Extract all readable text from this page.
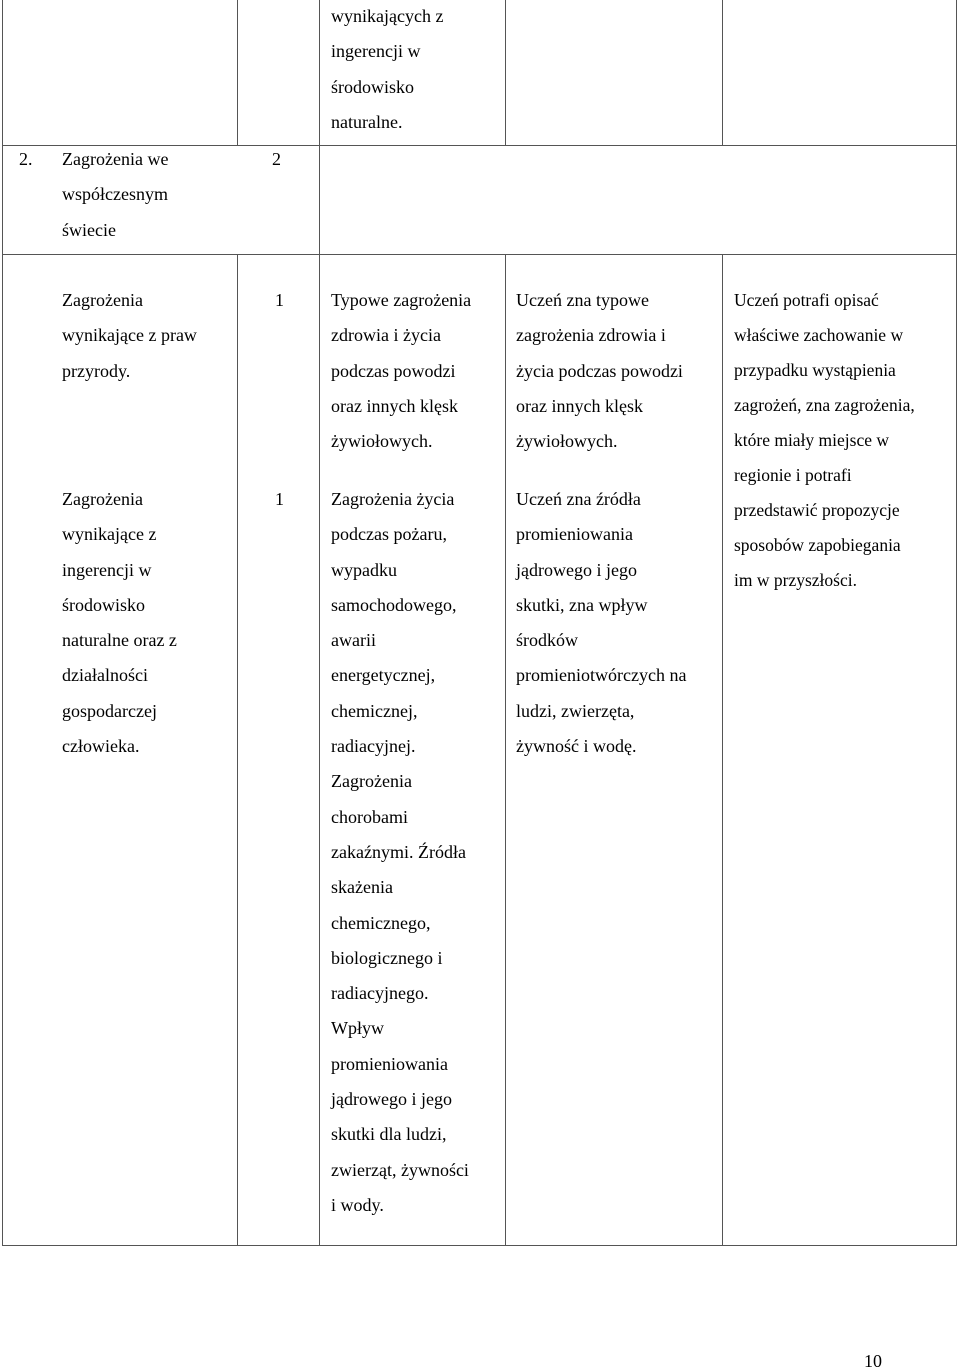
wynikających z
ingerencji w
środowisko
naturalne.
2. Zagrożenia we
współczesnym
świecie
2
Zagrożenia
wynikające z praw
przyrody.
1	Typowe zagrożenia
zdrowia i życia
podczas powodzi
oraz innych klęsk
żywiołowych.
Uczeń zna typowe
zagrożenia zdrowia i
życia podczas powodzi
oraz innych klęsk
żywiołowych.
Uczeń potrafi opisać
właściwe zachowanie w
przypadku wystąpienia
zagrożeń, zna zagrożenia,
które miały miejsce w
regionie i potrafi
przedstawić propozycje
sposobów zapobiegania
im w przyszłości.
Zagrożenia
wynikające z
ingerencji w
środowisko
naturalne oraz z
działalności
gospodarczej
człowieka.
1	Zagrożenia życia
podczas pożaru,
wypadku
samochodowego,
awarii
energetycznej,
chemicznej,
radiacyjnej.
Zagrożenia
chorobami
zakaźnymi. Źródła
skażenia
chemicznego,
biologicznego i
radiacyjnego.
Wpływ
promieniowania
jądrowego i jego
skutki dla ludzi,
zwierząt, żywności
i wody.
Uczeń zna źródła
promieniowania
jądrowego i jego
skutki, zna wpływ
środków
promieniotwórczych na
ludzi, zwierzęta,
żywność i wodę.
10
